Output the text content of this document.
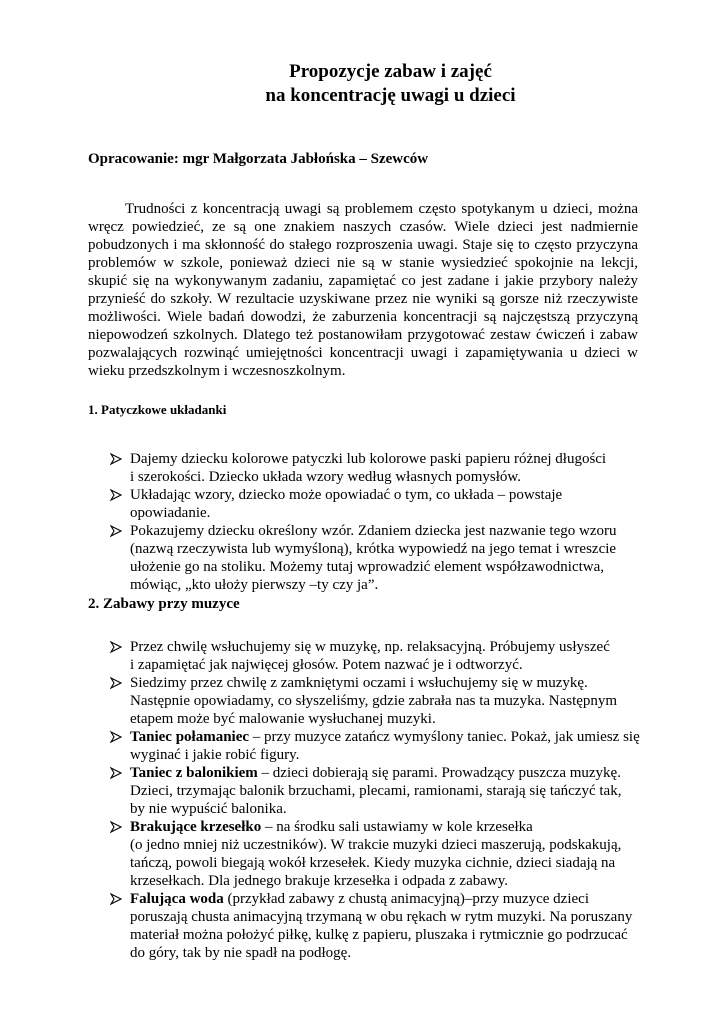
Propozycje zabaw i zajęć
na koncentrację uwagi u dzieci
Opracowanie: mgr Małgorzata Jabłońska – Szewców
Trudności z koncentracją uwagi są problemem często spotykanym u dzieci, można wręcz powiedzieć, ze są one znakiem naszych czasów. Wiele dzieci jest nadmiernie pobudzonych i ma skłonność do stałego rozproszenia uwagi. Staje się to często przyczyna problemów w szkole, ponieważ dzieci nie są w stanie wysiedzieć spokojnie na lekcji, skupić się na wykonywanym zadaniu, zapamiętać co jest zadane i jakie przybory należy przynieść do szkoły. W rezultacie uzyskiwane przez nie wyniki są gorsze niż rzeczywiste możliwości. Wiele badań dowodzi, że zaburzenia koncentracji są najczęstszą przyczyną niepowodzeń szkolnych. Dlatego też postanowiłam przygotować zestaw ćwiczeń i zabaw pozwalających rozwinąć umiejętności koncentracji uwagi i zapamiętywania u dzieci w wieku przedszkolnym i wczesnoszkolnym.
1. Patyczkowe układanki
Dajemy dziecku kolorowe patyczki lub kolorowe paski papieru różnej długości
i szerokości. Dziecko układa wzory według własnych pomysłów.
Układając wzory, dziecko może opowiadać o tym, co układa – powstaje opowiadanie.
Pokazujemy dziecku określony wzór. Zdaniem dziecka jest nazwanie tego wzoru (nazwą rzeczywista lub wymyśloną), krótka wypowiedź na jego temat i wreszcie ułożenie go na stoliku. Możemy tutaj wprowadzić element współzawodnictwa, mówiąc, „kto ułoży pierwszy –ty czy ja”.
2. Zabawy przy muzyce
Przez chwilę wsłuchujemy się w muzykę, np. relaksacyjną. Próbujemy usłyszeć
i zapamiętać jak najwięcej głosów. Potem nazwać je i odtworzyć.
Siedzimy przez chwilę z zamkniętymi oczami i wsłuchujemy się w muzykę. Następnie opowiadamy, co słyszeliśmy, gdzie zabrała nas ta muzyka. Następnym etapem może być malowanie wysłuchanej muzyki.
Taniec połamaniec – przy muzyce zatańcz wymyślony taniec. Pokaż, jak umiesz się wyginać i jakie robić figury.
Taniec z balonikiem – dzieci dobierają się parami. Prowadzący puszcza muzykę. Dzieci, trzymając balonik brzuchami, plecami, ramionami, starają się tańczyć tak, by nie wypuścić balonika.
Brakujące krzesełko – na środku sali ustawiamy w kole krzesełka
(o jedno mniej niż uczestników). W trakcie muzyki dzieci maszerują, podskakują, tańczą, powoli biegają wokół krzesełek. Kiedy muzyka cichnie, dzieci siadają na krzesełkach. Dla jednego brakuje krzesełka i odpada z zabawy.
Falująca woda (przykład zabawy z chustą animacyjną)–przy muzyce dzieci poruszają chusta animacyjną trzymaną w obu rękach w rytm muzyki. Na poruszany materiał można położyć piłkę, kulkę z papieru, pluszaka i rytmicznie go podrzucać do góry, tak by nie spadł na podłogę.
